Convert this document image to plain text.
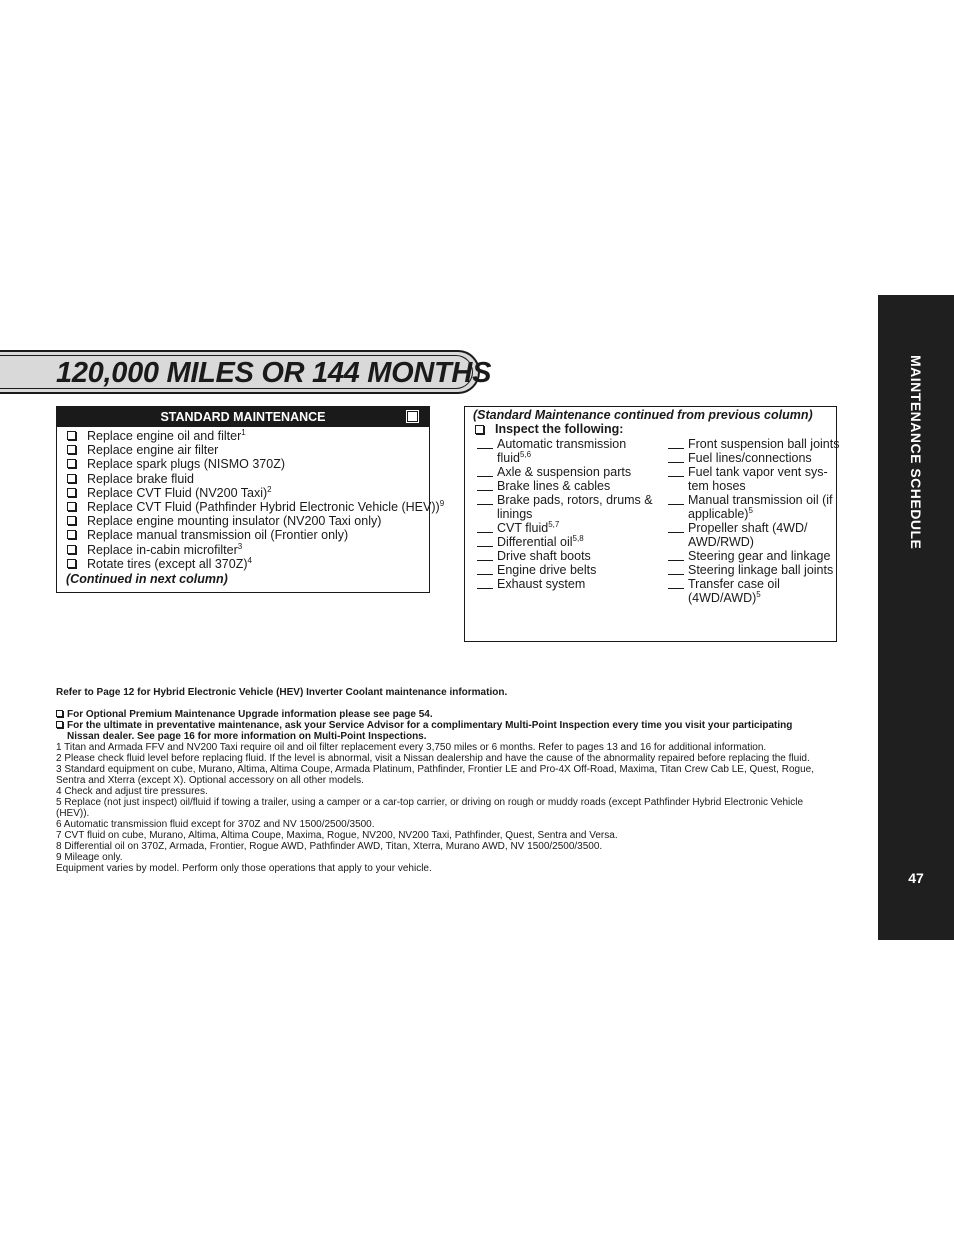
120,000 MILES OR 144 MONTHS
STANDARD MAINTENANCE
Replace engine oil and filter$^1$
Replace engine air filter
Replace spark plugs (NISMO 370Z)
Replace brake fluid
Replace CVT Fluid (NV200 Taxi)$^2$
Replace CVT Fluid (Pathfinder Hybrid Electronic Vehicle (HEV))$^9$
Replace engine mounting insulator (NV200 Taxi only)
Replace manual transmission oil (Frontier only)
Replace in-cabin microfilter$^3$
Rotate tires (except all 370Z)$^4$
(Continued in next column)
(Standard Maintenance continued from previous column)
Inspect the following:
Automatic transmission fluid$^{5,6}$
Axle & suspension parts
Brake lines & cables
Brake pads, rotors, drums & linings
CVT fluid$^{5,7}$
Differential oil$^{5,8}$
Drive shaft boots
Engine drive belts
Exhaust system
Front suspension ball joints
Fuel lines/connections
Fuel tank vapor vent sys-tem hoses
Manual transmission oil (if applicable)$^5$
Propeller shaft (4WD/ AWD/RWD)
Steering gear and linkage
Steering linkage ball joints
Transfer case oil $(4WD/AWD)^5$
Refer to Page 12 for Hybrid Electronic Vehicle (HEV) Inverter Coolant maintenance information.
For Optional Premium Maintenance Upgrade information please see page 54.
For the ultimate in preventative maintenance, ask your Service Advisor for a complimentary Multi-Point Inspection every time you visit your participating Nissan dealer. See page 16 for more information on Multi-Point Inspections.
1 Titan and Armada FFV and NV200 Taxi require oil and oil filter replacement every 3,750 miles or 6 months. Refer to pages 13 and 16 for additional information.
2 Please check fluid level before replacing fluid. If the level is abnormal, visit a Nissan dealership and have the cause of the abnormality repaired before replacing the fluid.
3 Standard equipment on cube, Murano, Altima, Altima Coupe, Armada Platinum, Pathfinder, Frontier LE and Pro-4X Off-Road, Maxima, Titan Crew Cab LE, Quest, Rogue, Sentra and Xterra (except X). Optional accessory on all other models.
4 Check and adjust tire pressures.
5 Replace (not just inspect) oil/fluid if towing a trailer, using a camper or a car-top carrier, or driving on rough or muddy roads (except Pathfinder Hybrid Electronic Vehicle (HEV)).
6 Automatic transmission fluid except for 370Z and NV 1500/2500/3500.
7 CVT fluid on cube, Murano, Altima, Altima Coupe, Maxima, Rogue, NV200, NV200 Taxi, Pathfinder, Quest, Sentra and Versa.
8 Differential oil on 370Z, Armada, Frontier, Rogue AWD, Pathfinder AWD, Titan, Xterra, Murano AWD, NV 1500/2500/3500.
9 Mileage only.
Equipment varies by model. Perform only those operations that apply to your vehicle.
MAINTENANCE SCHEDULE
47
